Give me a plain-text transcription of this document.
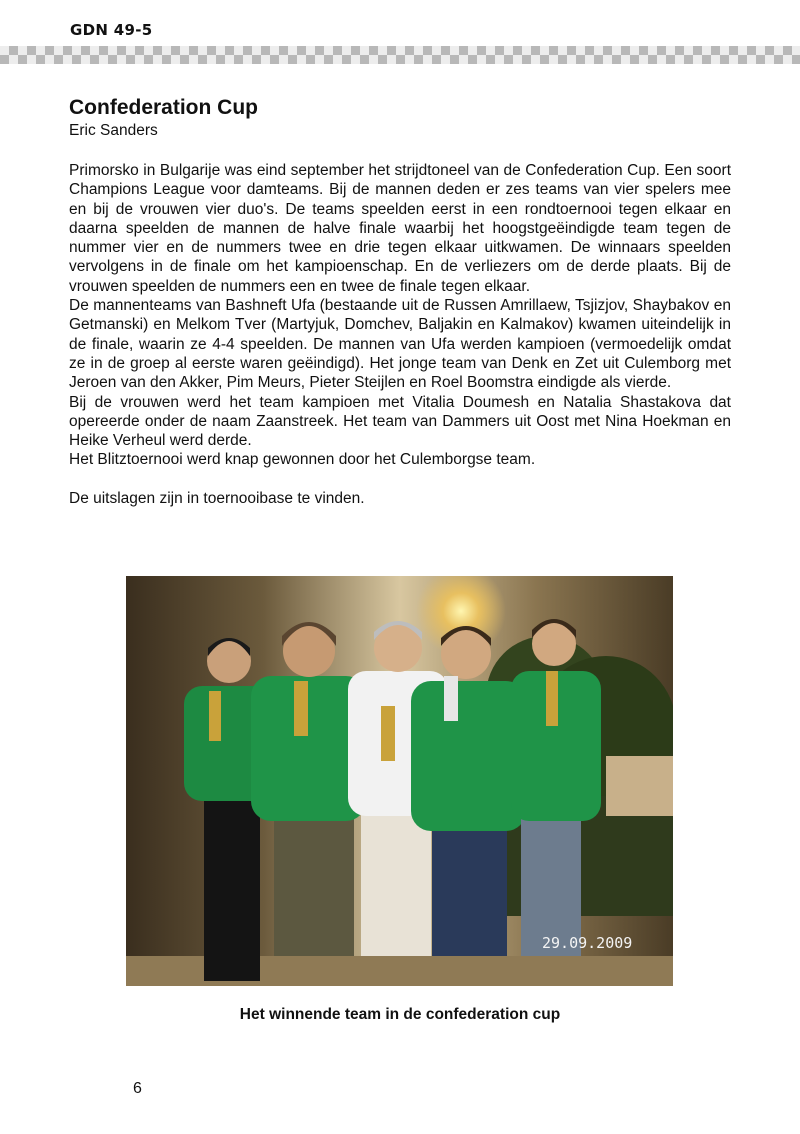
GDN 49-5
Confederation Cup

Eric Sanders

Primorsko in Bulgarije was eind september het strijdtoneel van de Confederation Cup. Een soort Champions League voor damteams. Bij de mannen deden er zes teams van vier spelers mee en bij de vrouwen vier duo's. De teams speelden eerst in een rondtoernooi tegen elkaar en daarna speelden de mannen de halve finale waarbij het hoogstgeëindigde team tegen de nummer vier en de nummers twee en drie tegen elkaar uitkwamen. De winnaars speelden vervolgens in de finale om het kampioenschap. En de verliezers om de derde plaats. Bij de vrouwen speelden de nummers een en twee de finale tegen elkaar.

De mannenteams van Bashneft Ufa (bestaande uit de Russen Amrillaew, Tsjizjov, Shaybakov en Getmanski) en Melkom Tver (Martyjuk, Domchev, Baljakin en Kalmakov) kwamen uiteindelijk in de finale, waarin ze 4-4 speelden. De mannen van Ufa werden kampioen (vermoedelijk omdat ze in de groep al eerste waren geëindigd). Het jonge team van Denk en Zet uit Culemborg met Jeroen van den Akker, Pim Meurs, Pieter Steijlen en Roel Boomstra eindigde als vierde.

Bij de vrouwen werd het team kampioen met Vitalia Doumesh en Natalia Shastakova dat opereerde onder de naam Zaanstreek. Het team van Dammers uit Oost met Nina Hoekman en Heike Verheul werd derde.

Het Blitztoernooi werd knap gewonnen door het Culemborgse team.

De uitslagen zijn in toernooibase te vinden.

29.09.2009
Het winnende team in de confederation cup
6
